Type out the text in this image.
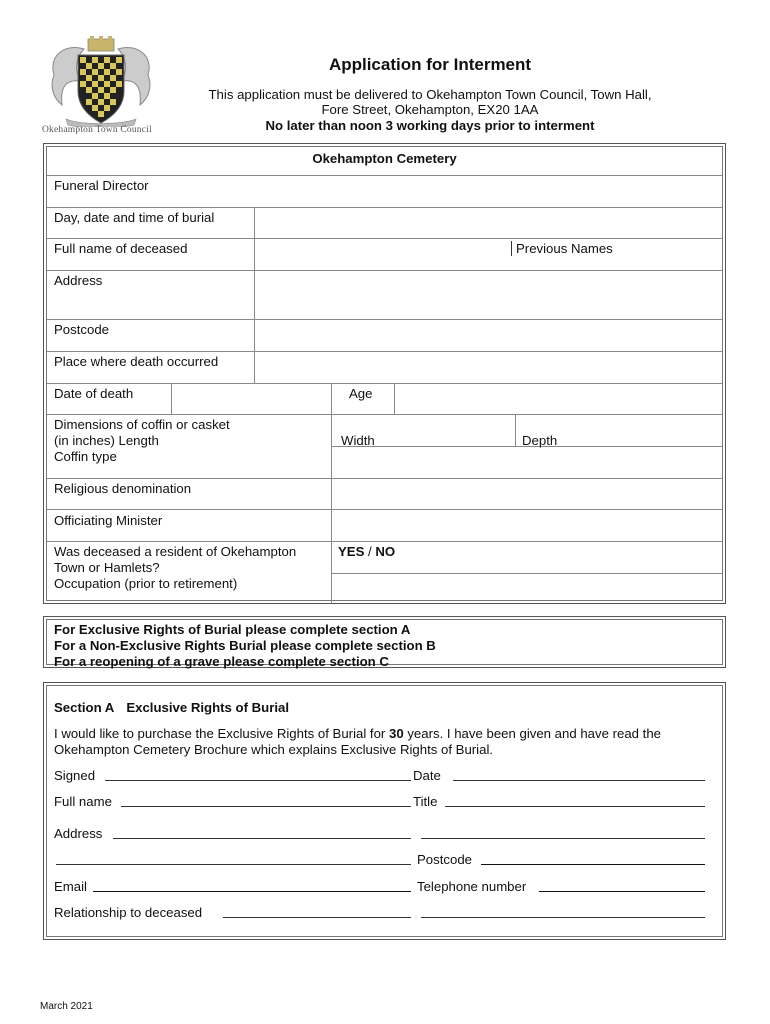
Okehampton Town Council
Application for Interment
This application must be delivered to Okehampton Town Council, Town Hall,
Fore Street, Okehampton, EX20 1AA
No later than noon 3 working days prior to interment
Okehampton Cemetery
Funeral Director
Day, date and time of burial
Full name of deceased	Previous Names
Address
Postcode
Place where death occurred
Date of death	Age
Dimensions of coffin or casket
(in inches) Length	Width	Depth
Coffin type
Religious denomination
Officiating Minister
Was deceased a resident of Okehampton
Town or Hamlets?
YES / NO
Occupation (prior to retirement)
For Exclusive Rights of Burial please complete section A
For a Non-Exclusive Rights Burial please complete section B
For a reopening of a grave please complete section C
Section A Exclusive Rights of Burial
I would like to purchase the Exclusive Rights of Burial for 30 years. I have been given and have read the
Okehampton Cemetery Brochure which explains Exclusive Rights of Burial.
Signed	Date
Full name	Title
Address
Postcode
Email	Telephone number
Relationship to deceased
March 2021
